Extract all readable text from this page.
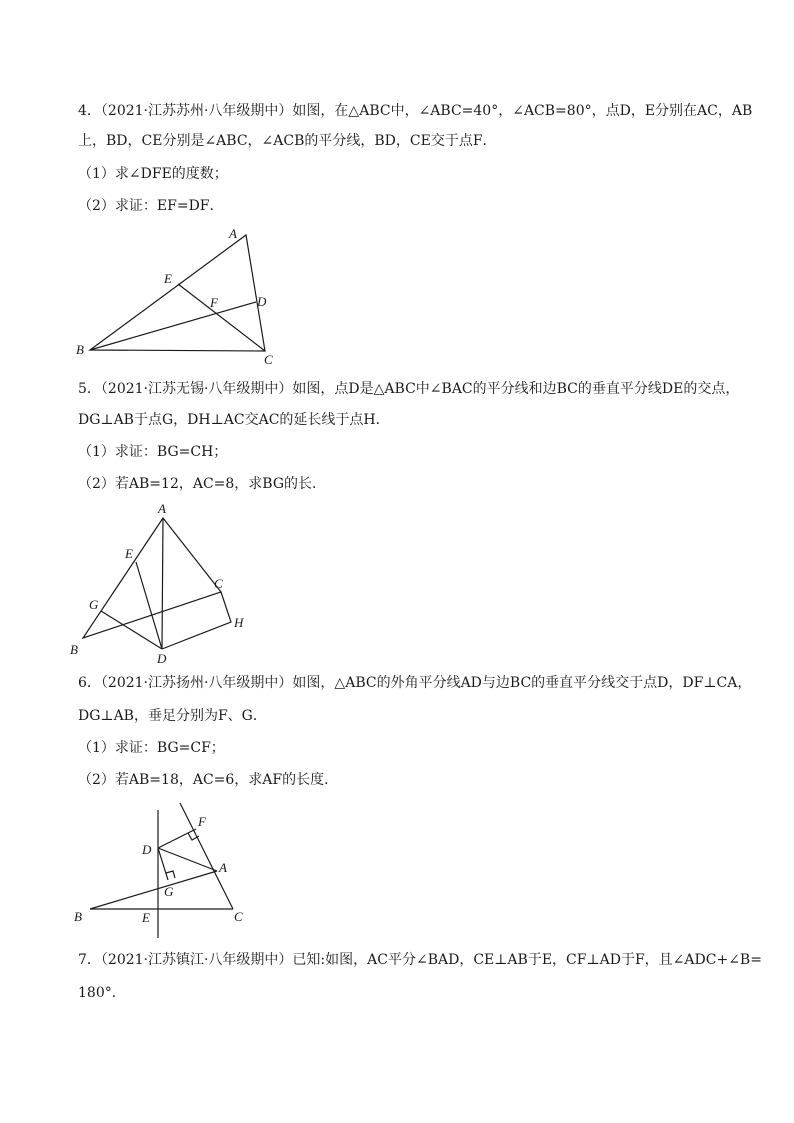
4．（2021·江苏苏州·八年级期中）如图，在△ABC中，∠ABC=40°，∠ACB=80°，点D，E分别在AC，AB
上，BD，CE分别是∠ABC，∠ACB的平分线，BD，CE交于点F．
（1）求∠DFE的度数；
（2）求证：EF=DF．
A
B
C
D
E
F
5．（2021·江苏无锡·八年级期中）如图，点D是△ABC中∠BAC的平分线和边BC的垂直平分线DE的交点，
DG⊥AB于点G，DH⊥AC交AC的延长线于点H．
（1）求证：BG=CH；
（2）若AB=12，AC=8，求BG的长．
A
B
C
D
E
G
H
6．（2021·江苏扬州·八年级期中）如图，△ABC的外角平分线AD与边BC的垂直平分线交于点D，DF⊥CA，
DG⊥AB，垂足分别为F、G．
（1）求证：BG=CF；
（2）若AB=18，AC=6，求AF的长度．
A
B	C
D
E
F
G
7．（2021·江苏镇江·八年级期中）已知:如图，AC平分∠BAD，CE⊥AB于E，CF⊥AD于F，且∠ADC+∠B=
180°．
